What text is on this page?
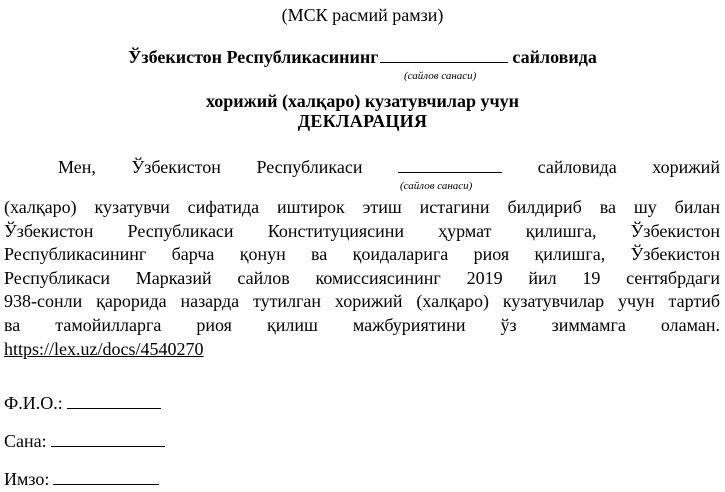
(МСК расмий рамзи)
Ўзбекистон Республикасининг	сайловида
(сайлов санаси)
хорижий (халқаро) кузатувчилар учун
ДЕКЛАРАЦИЯ
Мен, Ўзбекистон Республикаси	сайловида хорижий
(сайлов санаси)
(халқаро) кузатувчи сифатида иштирок этиш истагини билдириб ва шу билан
Ўзбекистон Республикаси Конституциясини ҳурмат қилишга, Ўзбекистон
Республикасининг барча қонун ва қоидаларига риоя қилишга, Ўзбекистон
Республикаси Марказий сайлов комиссиясининг 2019 йил 19 сентябрдаги
938-сонли қарорида назарда тутилган хорижий (халқаро) кузатувчилар учун тартиб
ва тамойилларга риоя қилиш мажбуриятини ўз зиммамга оламан.
https://lex.uz/docs/4540270
Ф.И.О.:
Сана:
Имзо:
